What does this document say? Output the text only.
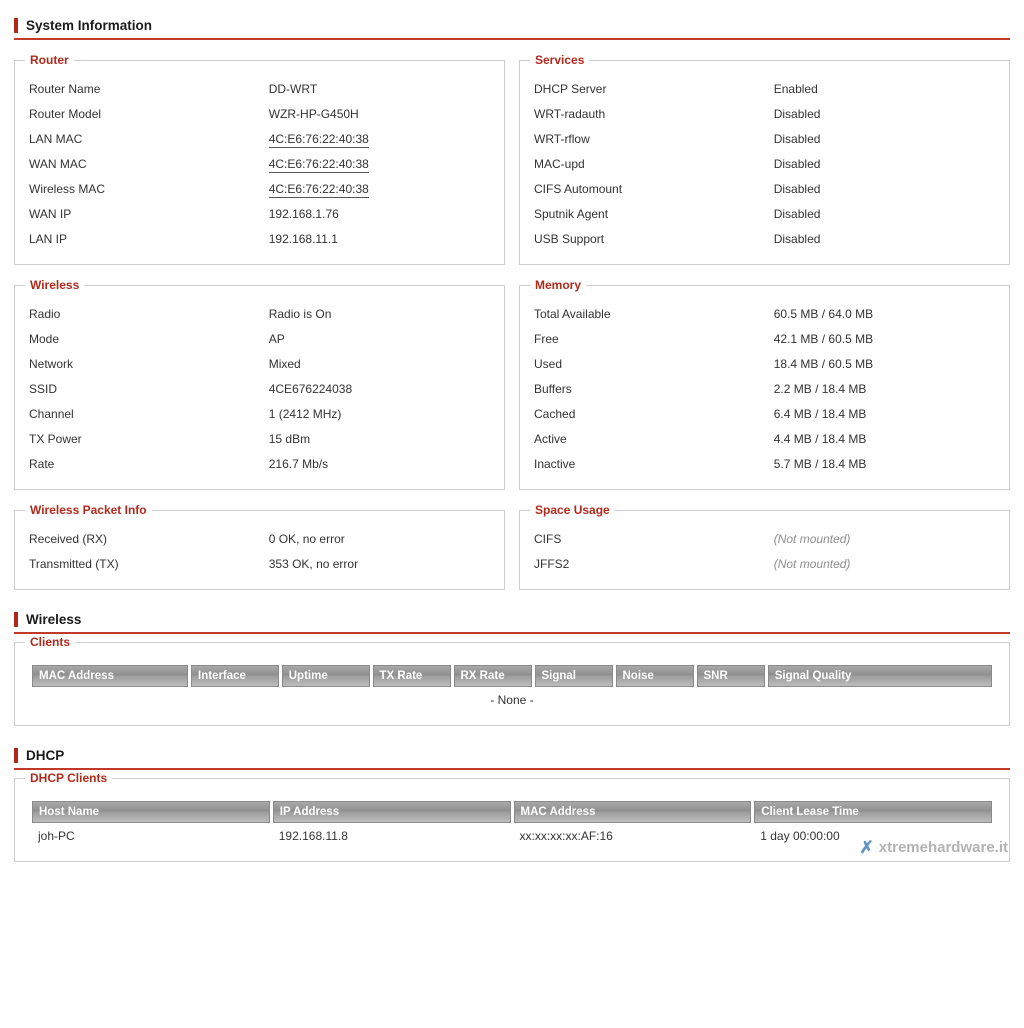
System Information
Router
Router Name	DD-WRT
Router Model	WZR-HP-G450H
LAN MAC	4C:E6:76:22:40:38
WAN MAC	4C:E6:76:22:40:38
Wireless MAC	4C:E6:76:22:40:38
WAN IP	192.168.1.76
LAN IP	192.168.11.1
Services
DHCP Server	Enabled
WRT-radauth	Disabled
WRT-rflow	Disabled
MAC-upd	Disabled
CIFS Automount	Disabled
Sputnik Agent	Disabled
USB Support	Disabled
Wireless
Radio	Radio is On
Mode	AP
Network	Mixed
SSID	4CE676224038
Channel	1 (2412 MHz)
TX Power	15 dBm
Rate	216.7 Mb/s
Memory
Total Available	60.5 MB / 64.0 MB
Free	42.1 MB / 60.5 MB
Used	18.4 MB / 60.5 MB
Buffers	2.2 MB / 18.4 MB
Cached	6.4 MB / 18.4 MB
Active	4.4 MB / 18.4 MB
Inactive	5.7 MB / 18.4 MB
Wireless Packet Info
Received (RX)	0 OK, no error
Transmitted (TX)	353 OK, no error
Space Usage
CIFS	(Not mounted)
JFFS2	(Not mounted)
Wireless
Clients
MAC Address	Interface	Uptime	TX Rate	RX Rate	Signal	Noise	SNR	Signal Quality
- None -
DHCP
DHCP Clients
Host Name	IP Address	MAC Address	Client Lease Time
joh-PC	192.168.11.8	xx:xx:xx:xx:AF:16	1 day 00:00:00
✗ xtremehardware.it
